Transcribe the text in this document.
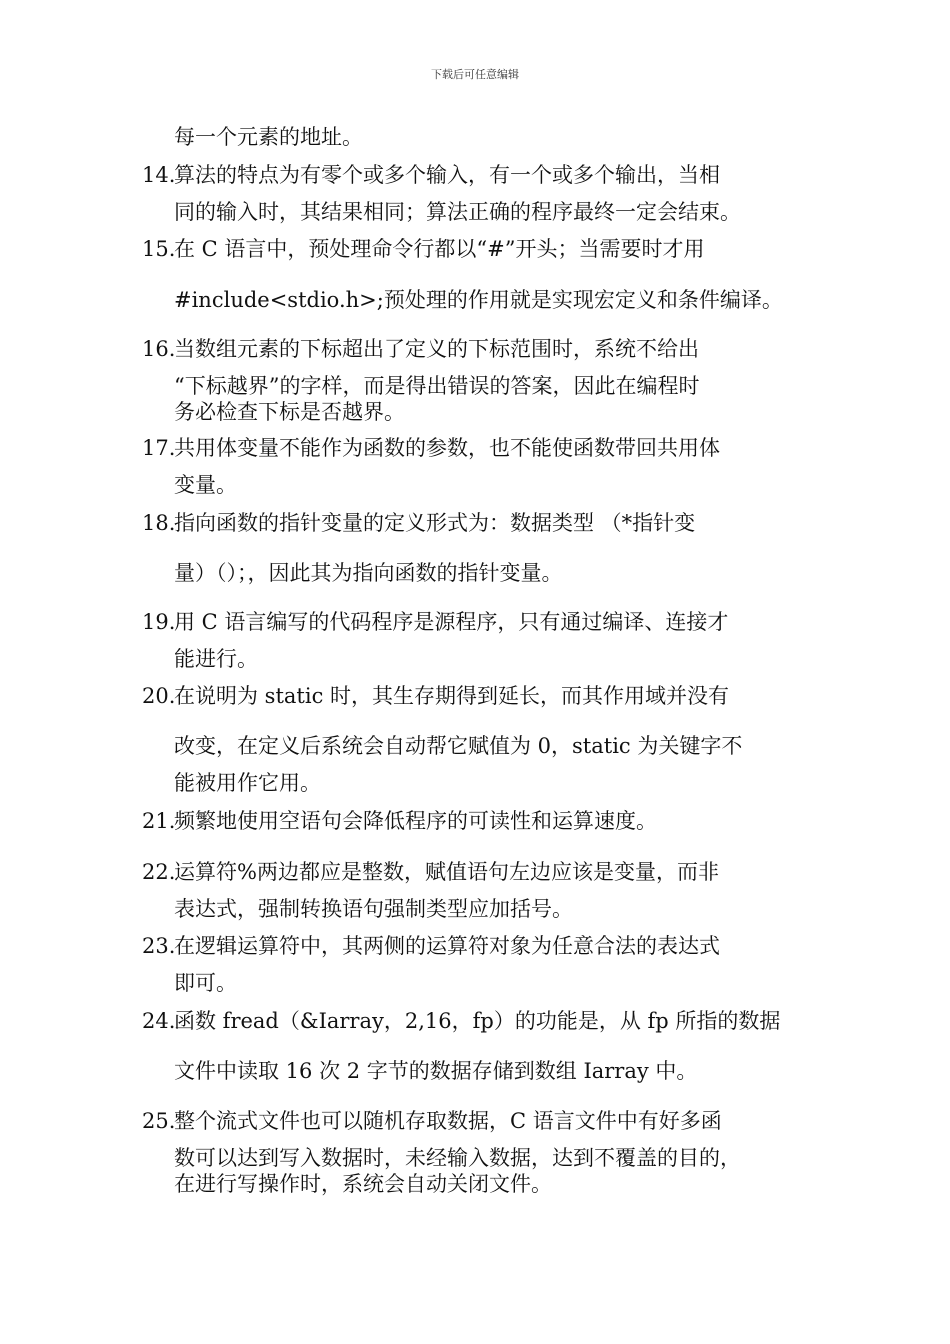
下载后可任意编辑
每一个元素的地址。
14.
算法的特点为有零个或多个输入，有一个或多个输出，当相
同的输入时，其结果相同；算法正确的程序最终一定会结束。
15.
在 C 语言中，预处理命令行都以“#”开头；当需要时才用
#include<stdio.h>;预处理的作用就是实现宏定义和条件编译。
16.
当数组元素的下标超出了定义的下标范围时，系统不给出
“下标越界”的字样，而是得出错误的答案，因此在编程时
务必检查下标是否越界。
17.
共用体变量不能作为函数的参数，也不能使函数带回共用体
变量。
18.
指向函数的指针变量的定义形式为：数据类型 （*指针变
量）（）；，因此其为指向函数的指针变量。
19.
用 C 语言编写的代码程序是源程序，只有通过编译、连接才
能进行。
20.
在说明为 static 时，其生存期得到延长，而其作用域并没有
改变，在定义后系统会自动帮它赋值为 0，static 为关键字不
能被用作它用。
21.
频繁地使用空语句会降低程序的可读性和运算速度。
22.
运算符%两边都应是整数，赋值语句左边应该是变量，而非
表达式，强制转换语句强制类型应加括号。
23.
在逻辑运算符中，其两侧的运算符对象为任意合法的表达式
即可。
24.
函数 fread（&Iarray，2,16，fp）的功能是，从 fp 所指的数据
文件中读取 16 次 2 字节的数据存储到数组 Iarray 中。
25.
整个流式文件也可以随机存取数据，C 语言文件中有好多函
数可以达到写入数据时，未经输入数据，达到不覆盖的目的，
在进行写操作时，系统会自动关闭文件。
